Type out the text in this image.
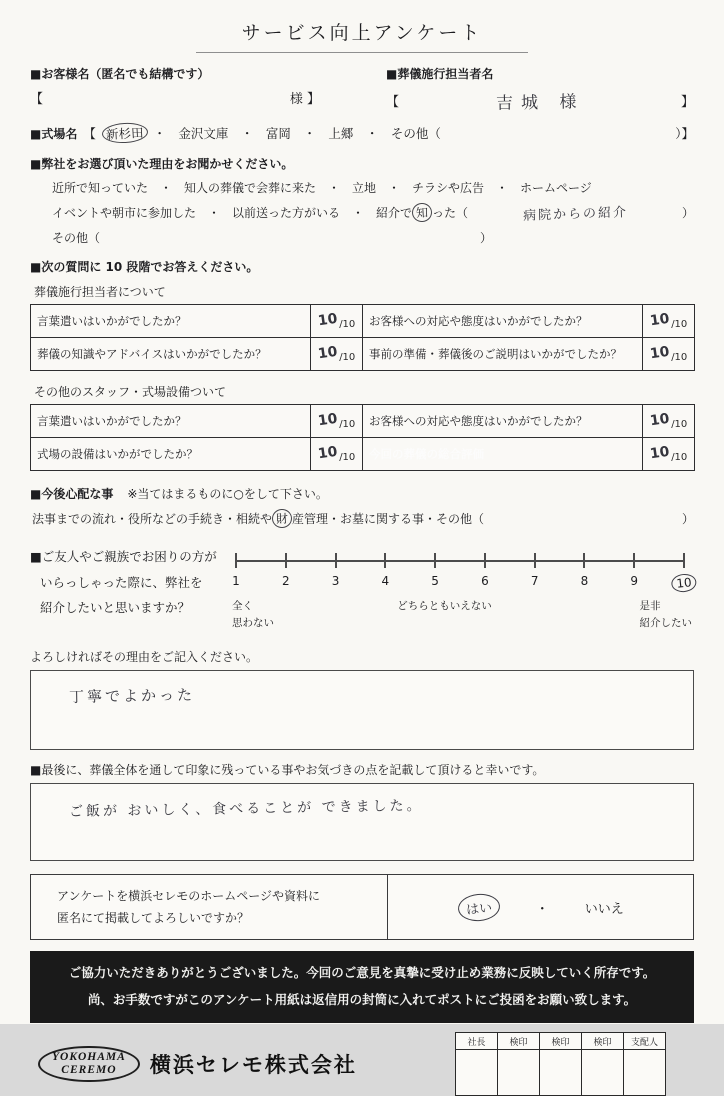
サービス向上アンケート
■お客様名（匿名でも結構です）	■葬儀施行担当者名
【	様 】	【	吉城 様	】
■式場名 【 新杉田 ・　金沢文庫　・　富岡　・　上郷　・　その他（	）】
■弊社をお選び頂いた理由をお聞かせください。
近所で知っていた　・　知人の葬儀で会葬に来た　・　立地　・　チラシや広告　・　ホームページ
イベントや朝市に参加した　・　以前送った方がいる　・　紹介で 知 った（	病院からの紹介	）
その他（	）
■次の質問に 10 段階でお答えください。
葬儀施行担当者について
言葉遣いはいかがでしたか？	10/10	お客様への対応や態度はいかがでしたか？	10/10
葬儀の知識やアドバイスはいかがでしたか？	10/10	事前の準備・葬儀後のご説明はいかがでしたか？	10/10
その他のスタッフ・式場設備ついて
言葉遣いはいかがでしたか？	10/10	お客様への対応や態度はいかがでしたか？	10/10
式場の設備はいかがでしたか？	10/10	今回の葬儀の総合評価	10/10
■今後心配な事 ※当てはまるものに○をして下さい。
法事までの流れ・役所などの手続き・相続や 財 産管理・お墓に関する事・その他（	）
■ご友人やご親族でお困りの方が
いらっしゃった際に、弊社を
紹介したいと思いますか？
1	2	3	4	5	6	7	8	9	10
全く
思わない
どちらともいえない	是非
紹介したい
よろしければその理由をご記入ください。
丁寧でよかった
■最後に、葬儀全体を通して印象に残っている事やお気づきの点を記載して頂けると幸いです。
ご飯が おいしく、食べることが できました。
アンケートを横浜セレモのホームページや資料に
匿名にて掲載してよろしいですか？
はい	・	いいえ
ご協力いただきありがとうございました。今回のご意見を真摯に受け止め業務に反映していく所存です。
尚、お手数ですがこのアンケート用紙は返信用の封筒に入れてポストにご投函をお願い致します。
YOKOHAMA
CEREMO	横浜セレモ株式会社
社長	検印	検印	検印	支配人
